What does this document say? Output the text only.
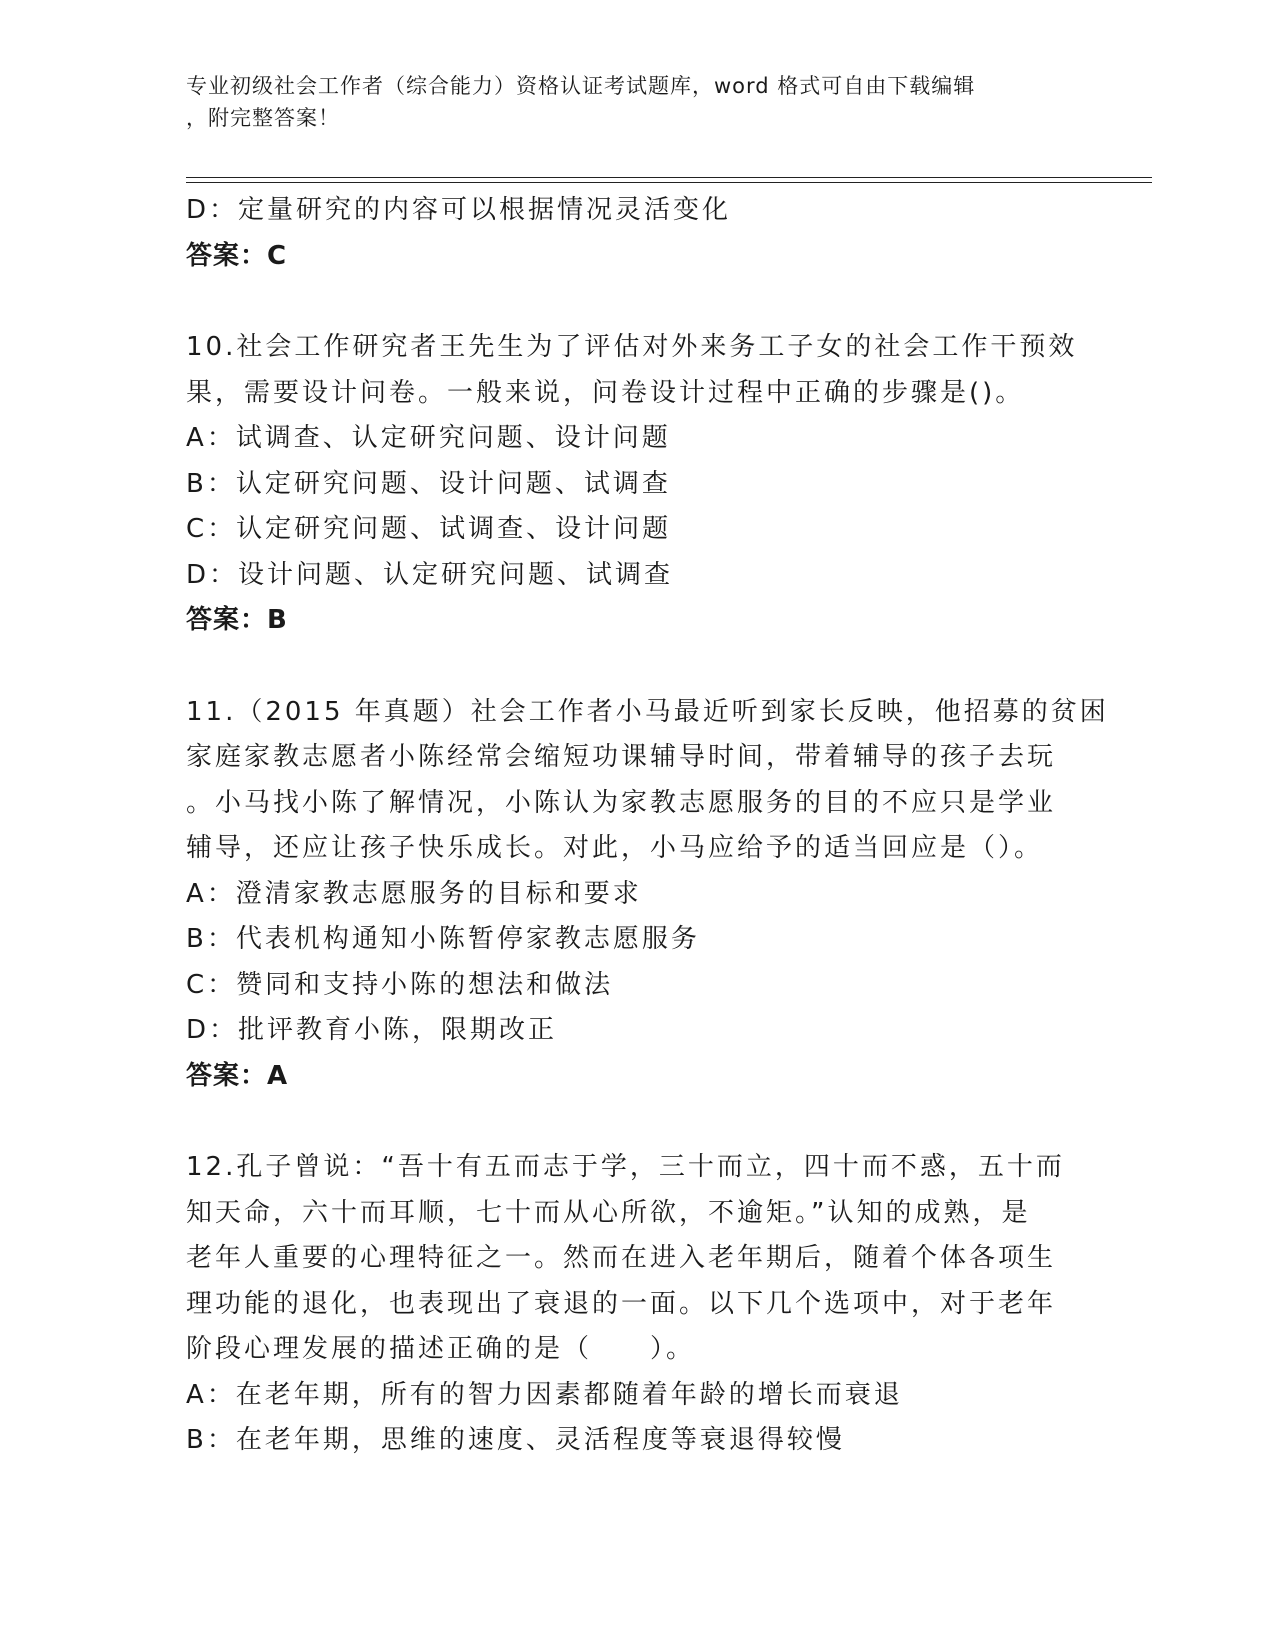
专业初级社会工作者（综合能力）资格认证考试题库，word 格式可自由下载编辑
，附完整答案！
D：定量研究的内容可以根据情况灵活变化
答案：C
10.社会工作研究者王先生为了评估对外来务工子女的社会工作干预效
果，需要设计问卷。一般来说，问卷设计过程中正确的步骤是()。
A：试调查、认定研究问题、设计问题
B：认定研究问题、设计问题、试调查
C：认定研究问题、试调查、设计问题
D：设计问题、认定研究问题、试调查
答案：B
11.（2015 年真题）社会工作者小马最近听到家长反映，他招募的贫困
家庭家教志愿者小陈经常会缩短功课辅导时间，带着辅导的孩子去玩
。小马找小陈了解情况，小陈认为家教志愿服务的目的不应只是学业
辅导，还应让孩子快乐成长。对此，小马应给予的适当回应是（）。
A：澄清家教志愿服务的目标和要求
B：代表机构通知小陈暂停家教志愿服务
C：赞同和支持小陈的想法和做法
D：批评教育小陈，限期改正
答案：A
12.孔子曾说：“吾十有五而志于学，三十而立，四十而不惑，五十而
知天命，六十而耳顺，七十而从心所欲，不逾矩。”认知的成熟，是
老年人重要的心理特征之一。然而在进入老年期后，随着个体各项生
理功能的退化，也表现出了衰退的一面。以下几个选项中，对于老年
阶段心理发展的描述正确的是（　　）。
A：在老年期，所有的智力因素都随着年龄的增长而衰退
B：在老年期，思维的速度、灵活程度等衰退得较慢
